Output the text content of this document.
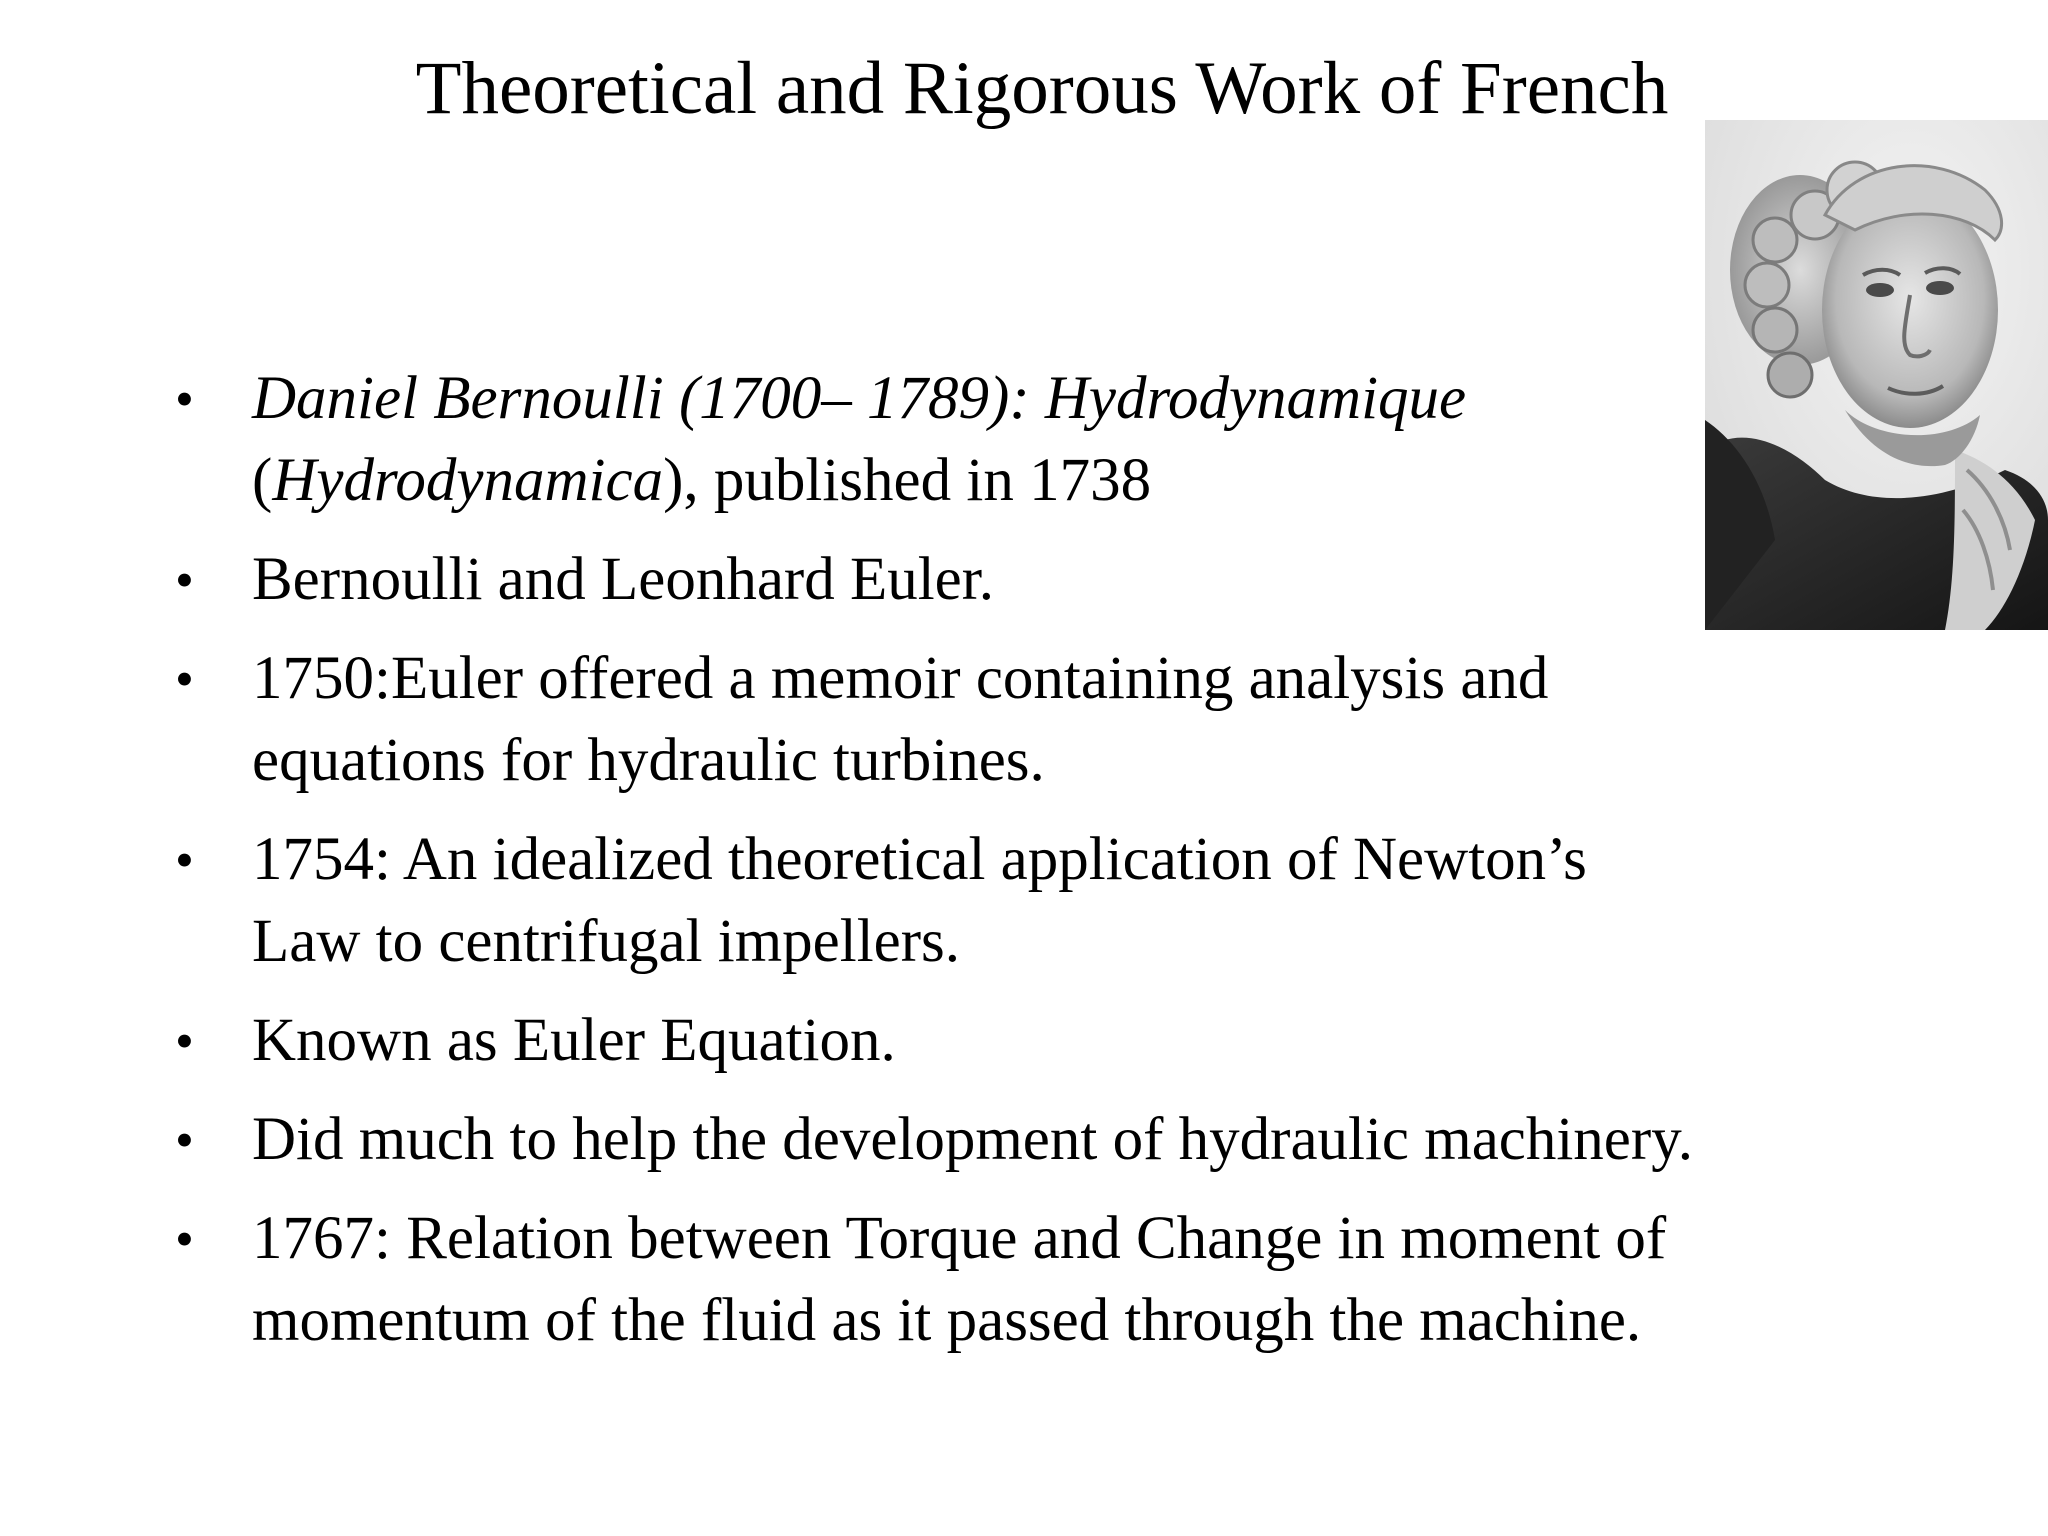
Theoretical and Rigorous Work of French
• Daniel Bernoulli (1700– 1789): Hydrodynamique
(Hydrodynamica), published in 1738
• Bernoulli and Leonhard Euler.
• 1750:Euler offered a memoir containing analysis and
equations for hydraulic turbines.
• 1754: An idealized theoretical application of Newton’s
Law to centrifugal impellers.
• Known as Euler Equation.
• Did much to help the development of hydraulic machinery.
• 1767: Relation between Torque and Change in moment of
momentum of the fluid as it passed through the machine.
